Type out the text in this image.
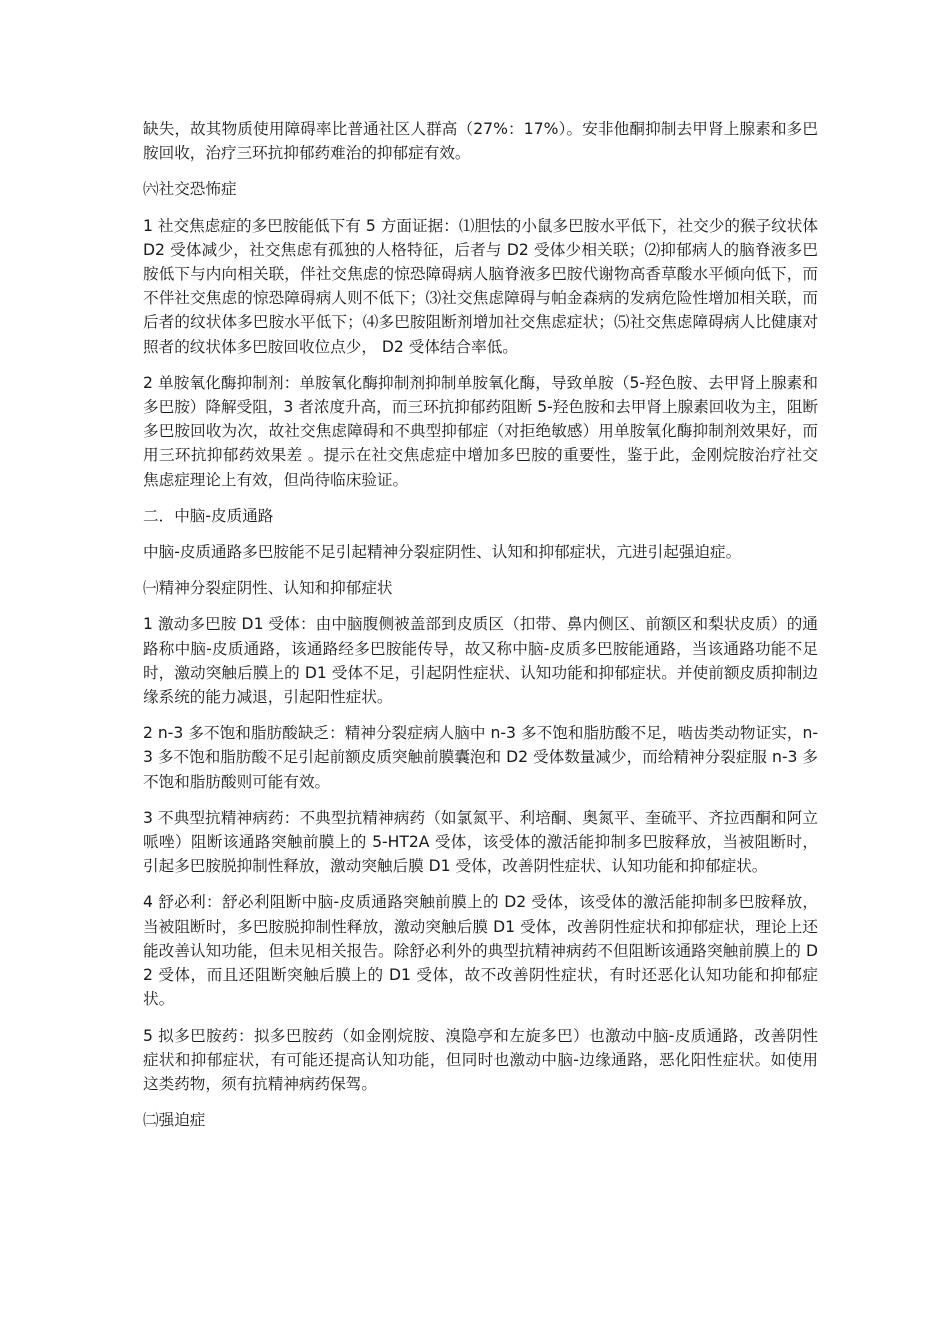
缺失，故其物质使用障碍率比普通社区人群高（27%：17%）。安非他酮抑制去甲肾上腺素和多巴胺回收，治疗三环抗抑郁药难治的抑郁症有效。

㈥社交恐怖症

1 社交焦虑症的多巴胺能低下有 5 方面证据：⑴胆怯的小鼠多巴胺水平低下，社交少的猴子纹状体 D2 受体减少，社交焦虑有孤独的人格特征，后者与 D2 受体少相关联；⑵抑郁病人的脑脊液多巴胺低下与内向相关联，伴社交焦虑的惊恐障碍病人脑脊液多巴胺代谢物高香草酸水平倾向低下，而不伴社交焦虑的惊恐障碍病人则不低下；⑶社交焦虑障碍与帕金森病的发病危险性增加相关联，而后者的纹状体多巴胺水平低下；⑷多巴胺阻断剂增加社交焦虑症状；⑸社交焦虑障碍病人比健康对照者的纹状体多巴胺回收位点少， D2 受体结合率低。

2 单胺氧化酶抑制剂：单胺氧化酶抑制剂抑制单胺氧化酶，导致单胺（5-羟色胺、去甲肾上腺素和多巴胺）降解受阻，3 者浓度升高，而三环抗抑郁药阻断 5-羟色胺和去甲肾上腺素回收为主，阻断多巴胺回收为次，故社交焦虑障碍和不典型抑郁症（对拒绝敏感）用单胺氧化酶抑制剂效果好，而用三环抗抑郁药效果差 。提示在社交焦虑症中增加多巴胺的重要性，鉴于此，金刚烷胺治疗社交焦虑症理论上有效，但尚待临床验证。

二．中脑-皮质通路

中脑-皮质通路多巴胺能不足引起精神分裂症阴性、认知和抑郁症状，亢进引起强迫症。

㈠精神分裂症阴性、认知和抑郁症状

1 激动多巴胺 D1 受体：由中脑腹侧被盖部到皮质区（扣带、鼻内侧区、前额区和梨状皮质）的通路称中脑-皮质通路，该通路经多巴胺能传导，故又称中脑-皮质多巴胺能通路，当该通路功能不足时，激动突触后膜上的 D1 受体不足，引起阴性症状、认知功能和抑郁症状。并使前额皮质抑制边缘系统的能力减退，引起阳性症状。

2 n-3 多不饱和脂肪酸缺乏：精神分裂症病人脑中 n-3 多不饱和脂肪酸不足，啮齿类动物证实，n-3 多不饱和脂肪酸不足引起前额皮质突触前膜囊泡和 D2 受体数量减少，而给精神分裂症服 n-3 多不饱和脂肪酸则可能有效。

3 不典型抗精神病药：不典型抗精神病药（如氯氮平、利培酮、奥氮平、奎硫平、齐拉西酮和阿立哌唑）阻断该通路突触前膜上的 5-HT2A 受体，该受体的激活能抑制多巴胺释放，当被阻断时，引起多巴胺脱抑制性释放，激动突触后膜 D1 受体，改善阴性症状、认知功能和抑郁症状。

4 舒必利：舒必利阻断中脑-皮质通路突触前膜上的 D2 受体，该受体的激活能抑制多巴胺释放，当被阻断时，多巴胺脱抑制性释放，激动突触后膜 D1 受体，改善阴性症状和抑郁症状，理论上还能改善认知功能，但未见相关报告。除舒必利外的典型抗精神病药不但阻断该通路突触前膜上的 D2 受体，而且还阻断突触后膜上的 D1 受体，故不改善阴性症状，有时还恶化认知功能和抑郁症状。

5 拟多巴胺药：拟多巴胺药（如金刚烷胺、溴隐亭和左旋多巴）也激动中脑-皮质通路，改善阴性症状和抑郁症状，有可能还提高认知功能，但同时也激动中脑-边缘通路，恶化阳性症状。如使用这类药物，须有抗精神病药保驾。

㈡强迫症
